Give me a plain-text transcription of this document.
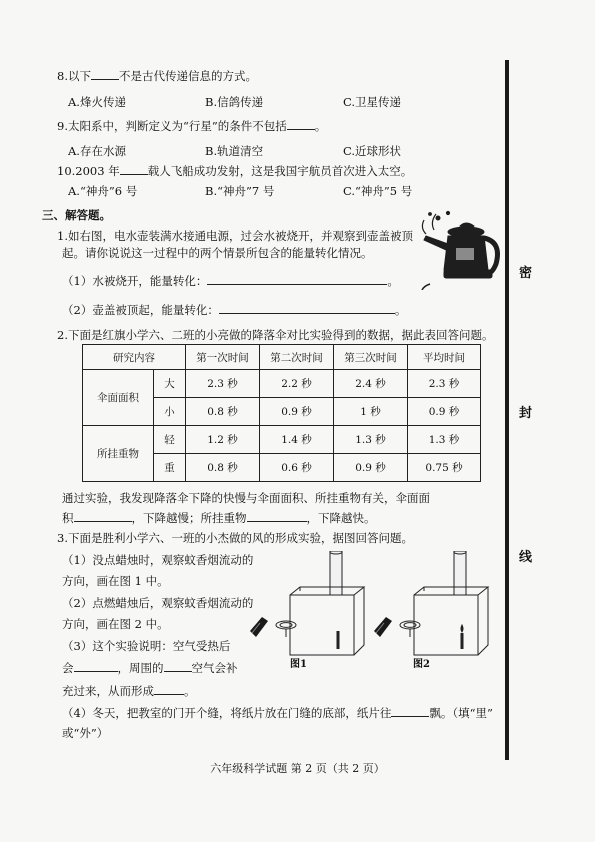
密
封
线
8.以下 不是古代传递信息的方式。
A.烽火传递	B.信鸽传递	C.卫星传递
9.太阳系中，判断定义为“行星”的条件不包括 。
A.存在水源	B.轨道清空	C.近球形状
10.2003 年 载人飞船成功发射，这是我国宇航员首次进入太空。
A.“神舟”6 号	B.“神舟”7 号	C.“神舟”5 号
三、解答题。
1.如右图，电水壶装满水接通电源，过会水被烧开，并观察到壶盖被顶
起。请你说说这一过程中的两个情景所包含的能量转化情况。
（1）水被烧开，能量转化：	。
（2）壶盖被顶起，能量转化：	。
2.下面是红旗小学六、二班的小亮做的降落伞对比实验得到的数据，据此表回答问题。
研究内容		第一次时间	第二次时间	第三次时间	平均时间
伞面面积	大	2.3 秒	2.2 秒	2.4 秒	2.3 秒
	小	0.8 秒	0.9 秒	1 秒	0.9 秒
所挂重物	轻	1.2 秒	1.4 秒	1.3 秒	1.3 秒
	重	0.8 秒	0.6 秒	0.9 秒	0.75 秒
通过实验，我发现降落伞下降的快慢与伞面面积、所挂重物有关，伞面面
积	，下降越慢；所挂重物	，下降越快。
3.下面是胜利小学六、一班的小杰做的风的形成实验，据图回答问题。
（1）没点蜡烛时，观察蚊香烟流动的
方向，画在图 1 中。
（2）点燃蜡烛后，观察蚊香烟流动的
方向，画在图 2 中。
（3）这个实验说明：空气受热后
会	，周围的 空气会补
充过来，从而形成	。
（4）冬天，把教室的门开个缝，将纸片放在门缝的底部，纸片往	飘。（填“里”
或“外”）
图1	图2
六年级科学试题 第 2 页（共 2 页）
